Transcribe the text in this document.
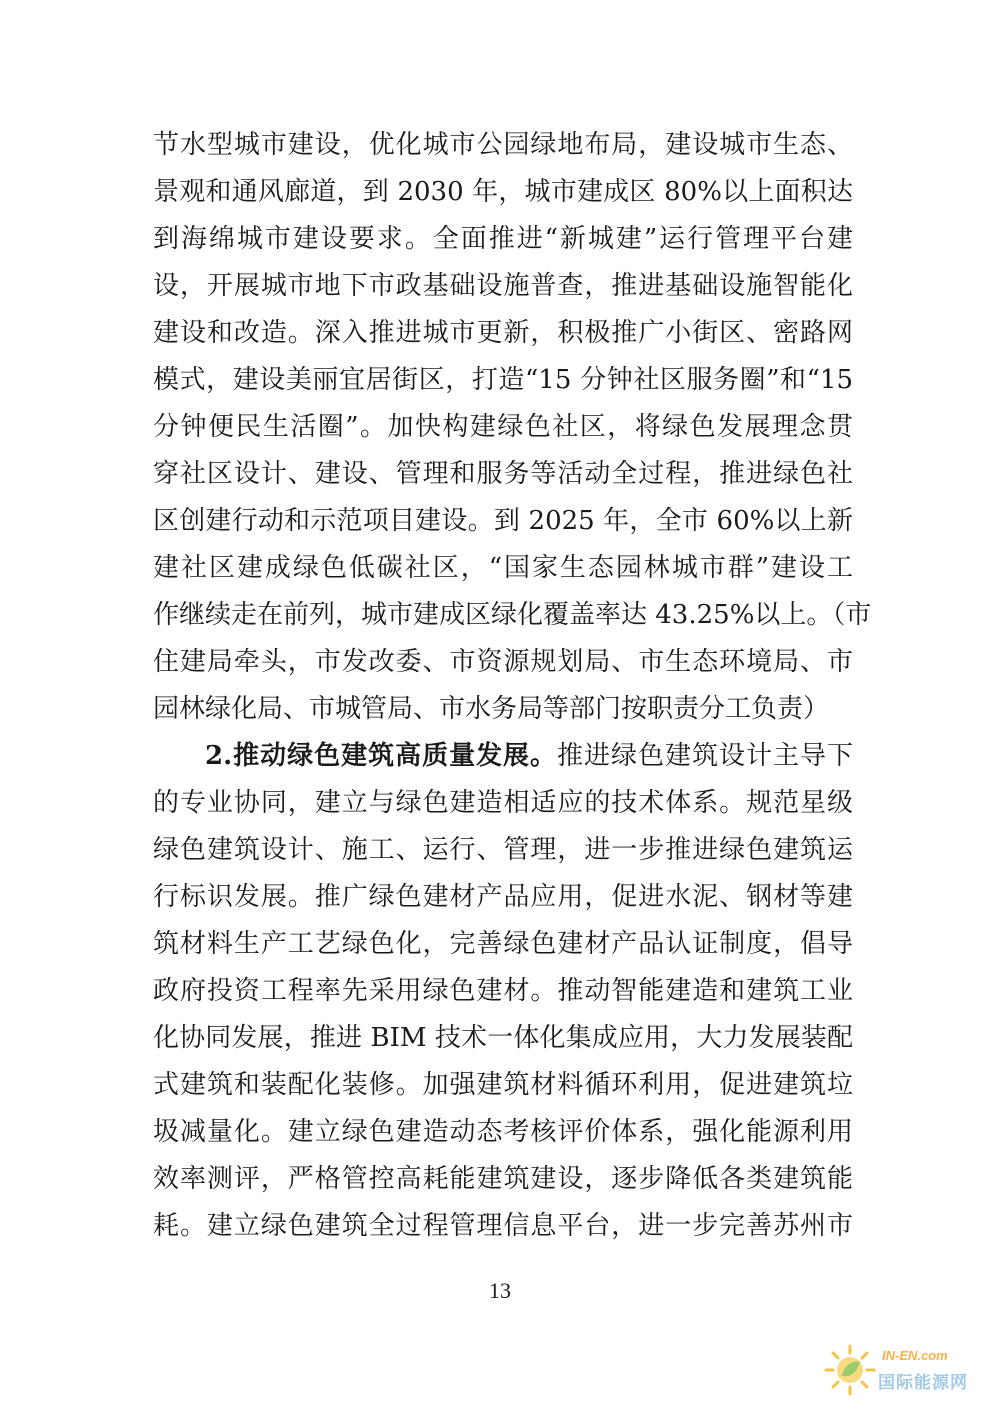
节水型城市建设，优化城市公园绿地布局，建设城市生态、
景观和通风廊道，到 2030 年，城市建成区 80%以上面积达
到海绵城市建设要求。全面推进“新城建”运行管理平台建
设，开展城市地下市政基础设施普查，推进基础设施智能化
建设和改造。深入推进城市更新，积极推广小街区、密路网
模式，建设美丽宜居街区，打造“15 分钟社区服务圈”和“15
分钟便民生活圈”。加快构建绿色社区，将绿色发展理念贯
穿社区设计、建设、管理和服务等活动全过程，推进绿色社
区创建行动和示范项目建设。到 2025 年，全市 60%以上新
建社区建成绿色低碳社区，“国家生态园林城市群”建设工
作继续走在前列，城市建成区绿化覆盖率达 43.25%以上。（市
住建局牵头，市发改委、市资源规划局、市生态环境局、市
园林绿化局、市城管局、市水务局等部门按职责分工负责）
2.推动绿色建筑高质量发展。推进绿色建筑设计主导下
的专业协同，建立与绿色建造相适应的技术体系。规范星级
绿色建筑设计、施工、运行、管理，进一步推进绿色建筑运
行标识发展。推广绿色建材产品应用，促进水泥、钢材等建
筑材料生产工艺绿色化，完善绿色建材产品认证制度，倡导
政府投资工程率先采用绿色建材。推动智能建造和建筑工业
化协同发展，推进 BIM 技术一体化集成应用，大力发展装配
式建筑和装配化装修。加强建筑材料循环利用，促进建筑垃
圾减量化。建立绿色建造动态考核评价体系，强化能源利用
效率测评，严格管控高耗能建筑建设，逐步降低各类建筑能
耗。建立绿色建筑全过程管理信息平台，进一步完善苏州市
13
IN-EN.com
国际能源网
